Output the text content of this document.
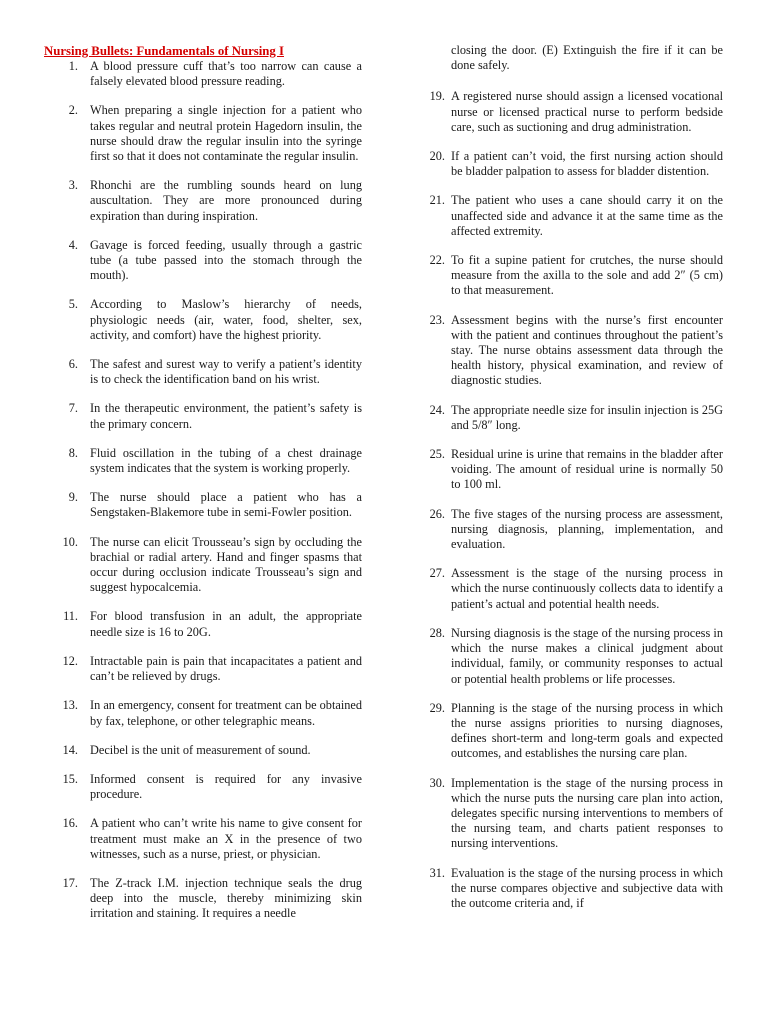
Nursing Bullets: Fundamentals of Nursing I
1. A blood pressure cuff that’s too narrow can cause a falsely elevated blood pressure reading.
2. When preparing a single injection for a patient who takes regular and neutral protein Hagedorn insulin, the nurse should draw the regular insulin into the syringe first so that it does not contaminate the regular insulin.
3. Rhonchi are the rumbling sounds heard on lung auscultation. They are more pronounced during expiration than during inspiration.
4. Gavage is forced feeding, usually through a gastric tube (a tube passed into the stomach through the mouth).
5. According to Maslow’s hierarchy of needs, physiologic needs (air, water, food, shelter, sex, activity, and comfort) have the highest priority.
6. The safest and surest way to verify a patient’s identity is to check the identification band on his wrist.
7. In the therapeutic environment, the patient’s safety is the primary concern.
8. Fluid oscillation in the tubing of a chest drainage system indicates that the system is working properly.
9. The nurse should place a patient who has a Sengstaken-Blakemore tube in semi-Fowler position.
10. The nurse can elicit Trousseau’s sign by occluding the brachial or radial artery. Hand and finger spasms that occur during occlusion indicate Trousseau’s sign and suggest hypocalcemia.
11. For blood transfusion in an adult, the appropriate needle size is 16 to 20G.
12. Intractable pain is pain that incapacitates a patient and can’t be relieved by drugs.
13. In an emergency, consent for treatment can be obtained by fax, telephone, or other telegraphic means.
14. Decibel is the unit of measurement of sound.
15. Informed consent is required for any invasive procedure.
16. A patient who can’t write his name to give consent for treatment must make an X in the presence of two witnesses, such as a nurse, priest, or physician.
17. The Z-track I.M. injection technique seals the drug deep into the muscle, thereby minimizing skin irritation and staining. It requires a needle
closing the door. (E) Extinguish the fire if it can be done safely.
19. A registered nurse should assign a licensed vocational nurse or licensed practical nurse to perform bedside care, such as suctioning and drug administration.
20. If a patient can’t void, the first nursing action should be bladder palpation to assess for bladder distention.
21. The patient who uses a cane should carry it on the unaffected side and advance it at the same time as the affected extremity.
22. To fit a supine patient for crutches, the nurse should measure from the axilla to the sole and add 2″ (5 cm) to that measurement.
23. Assessment begins with the nurse’s first encounter with the patient and continues throughout the patient’s stay. The nurse obtains assessment data through the health history, physical examination, and review of diagnostic studies.
24. The appropriate needle size for insulin injection is 25G and 5/8″ long.
25. Residual urine is urine that remains in the bladder after voiding. The amount of residual urine is normally 50 to 100 ml.
26. The five stages of the nursing process are assessment, nursing diagnosis, planning, implementation, and evaluation.
27. Assessment is the stage of the nursing process in which the nurse continuously collects data to identify a patient’s actual and potential health needs.
28. Nursing diagnosis is the stage of the nursing process in which the nurse makes a clinical judgment about individual, family, or community responses to actual or potential health problems or life processes.
29. Planning is the stage of the nursing process in which the nurse assigns priorities to nursing diagnoses, defines short-term and long-term goals and expected outcomes, and establishes the nursing care plan.
30. Implementation is the stage of the nursing process in which the nurse puts the nursing care plan into action, delegates specific nursing interventions to members of the nursing team, and charts patient responses to nursing interventions.
31. Evaluation is the stage of the nursing process in which the nurse compares objective and subjective data with the outcome criteria and, if
